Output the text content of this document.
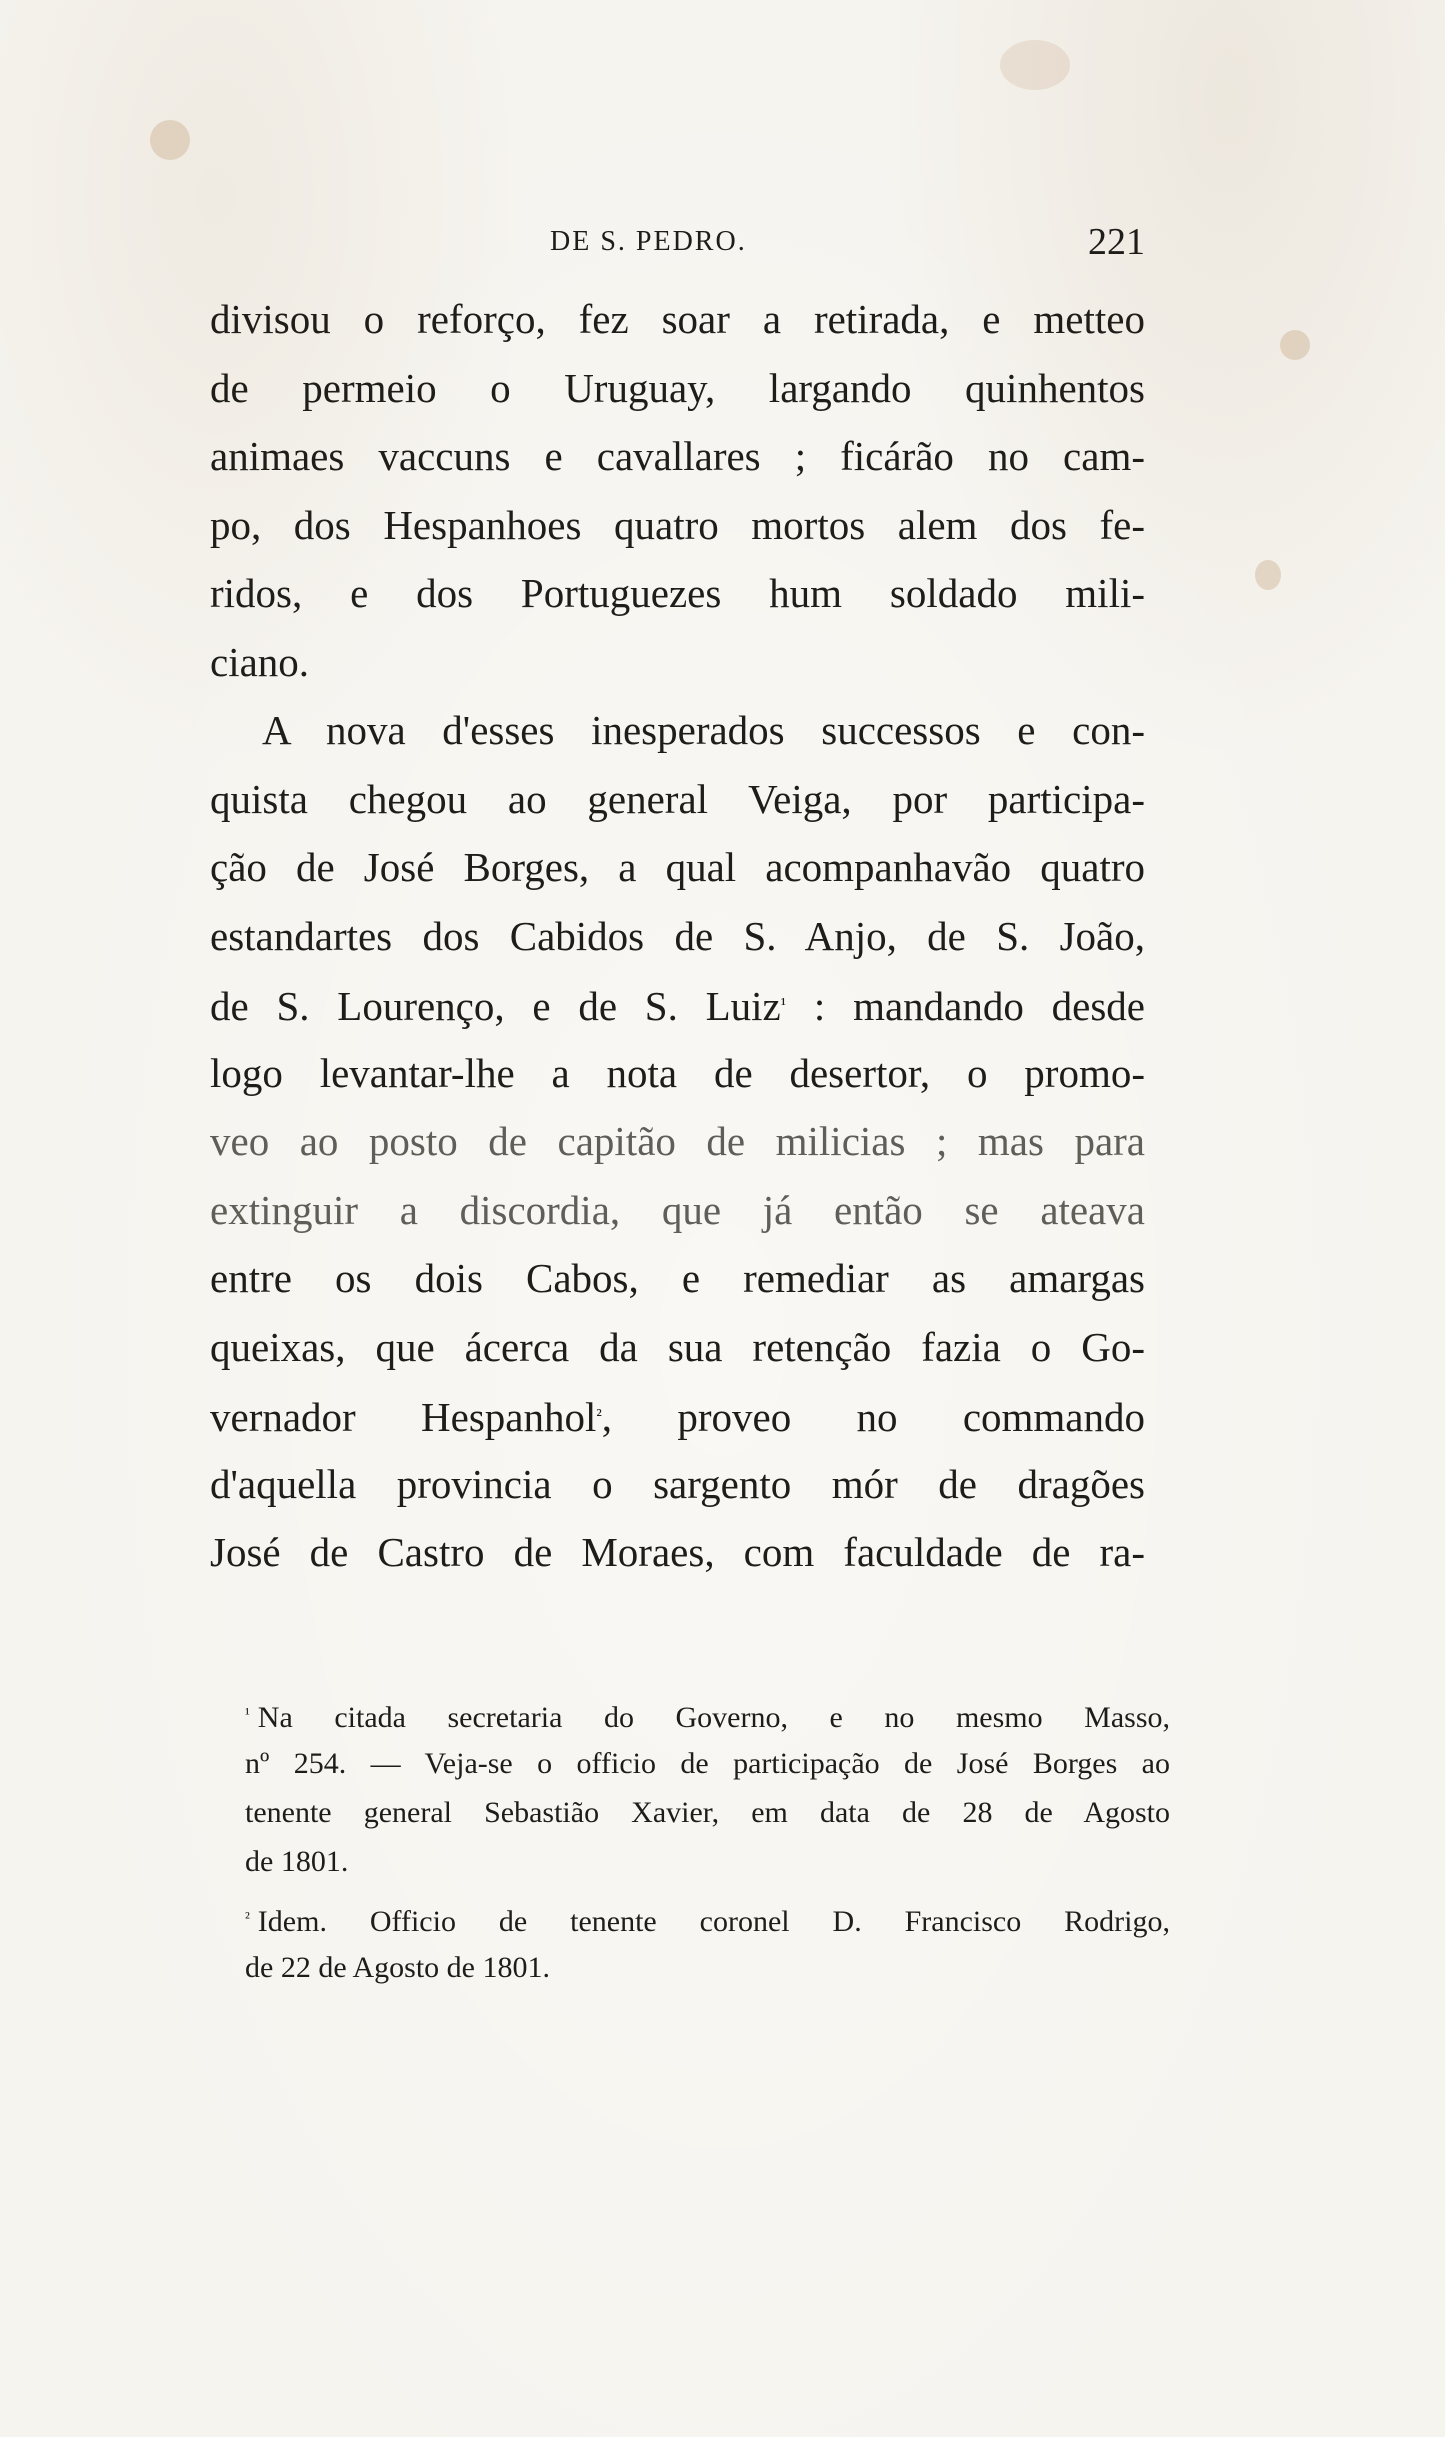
DE S. PEDRO.	221
divisou o reforço, fez soar a retirada, e metteo
de permeio o Uruguay, largando quinhentos
animaes vaccuns e cavallares ; ficárão no cam-
po, dos Hespanhoes quatro mortos alem dos fe-
ridos, e dos Portuguezes hum soldado mili-
ciano.
A nova d'esses inesperados successos e con-
quista chegou ao general Veiga, por participa-
ção de José Borges, a qual acompanhavão quatro
estandartes dos Cabidos de S. Anjo, de S. João,
de S. Lourenço, e de S. Luiz$^{^1}$ : mandando desde
logo levantar-lhe a nota de desertor, o promo-
veo ao posto de capitão de milicias ; mas para
extinguir a discordia, que já então se ateava
entre os dois Cabos, e remediar as amargas
queixas, que ácerca da sua retenção fazia o Go-
vernador Hespanhol$^{^2}$, proveo no commando
d'aquella provincia o sargento mór de dragões
José de Castro de Moraes, com faculdade de ra-
$^{^1}$ Na citada secretaria do Governo, e no mesmo Masso,
nº 254. — Veja-se o officio de participação de José Borges ao
tenente general Sebastião Xavier, em data de 28 de Agosto
de 1801.
$^{^2}$ Idem. Officio de tenente coronel D. Francisco Rodrigo,
de 22 de Agosto de 1801.
